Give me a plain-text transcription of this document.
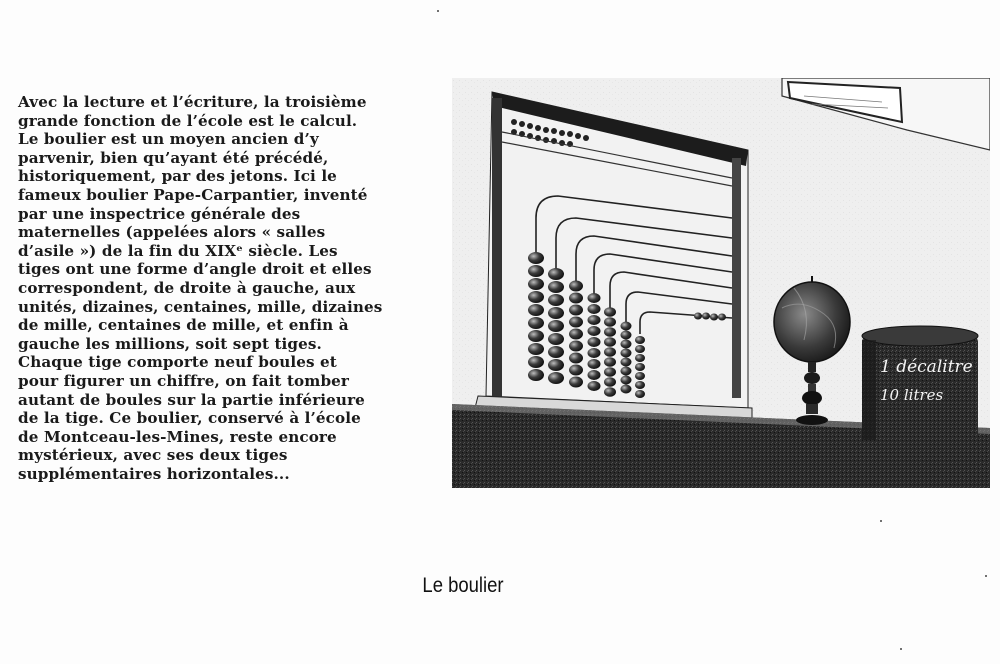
Avec la lecture et l’écriture, la troisième
grande fonction de l’école est le calcul.
Le boulier est un moyen ancien d’y
parvenir, bien qu’ayant été précédé,
historiquement, par des jetons. Ici le
fameux boulier Pape-Carpantier, inventé
par une inspectrice générale des
maternelles (appelées alors « salles
d’asile ») de la fin du XIXᵉ siècle. Les
tiges ont une forme d’angle droit et elles
correspondent, de droite à gauche, aux
unités, dizaines, centaines, mille, dizaines
de mille, centaines de mille, et enfin à
gauche les millions, soit sept tiges.
Chaque tige comporte neuf boules et
pour figurer un chiffre, on fait tomber
autant de boules sur la partie inférieure
de la tige. Ce boulier, conservé à l’école
de Montceau-les-Mines, reste encore
mystérieux, avec ses deux tiges
supplémentaires horizontales...
1 décalitre
10 litres
Le boulier
